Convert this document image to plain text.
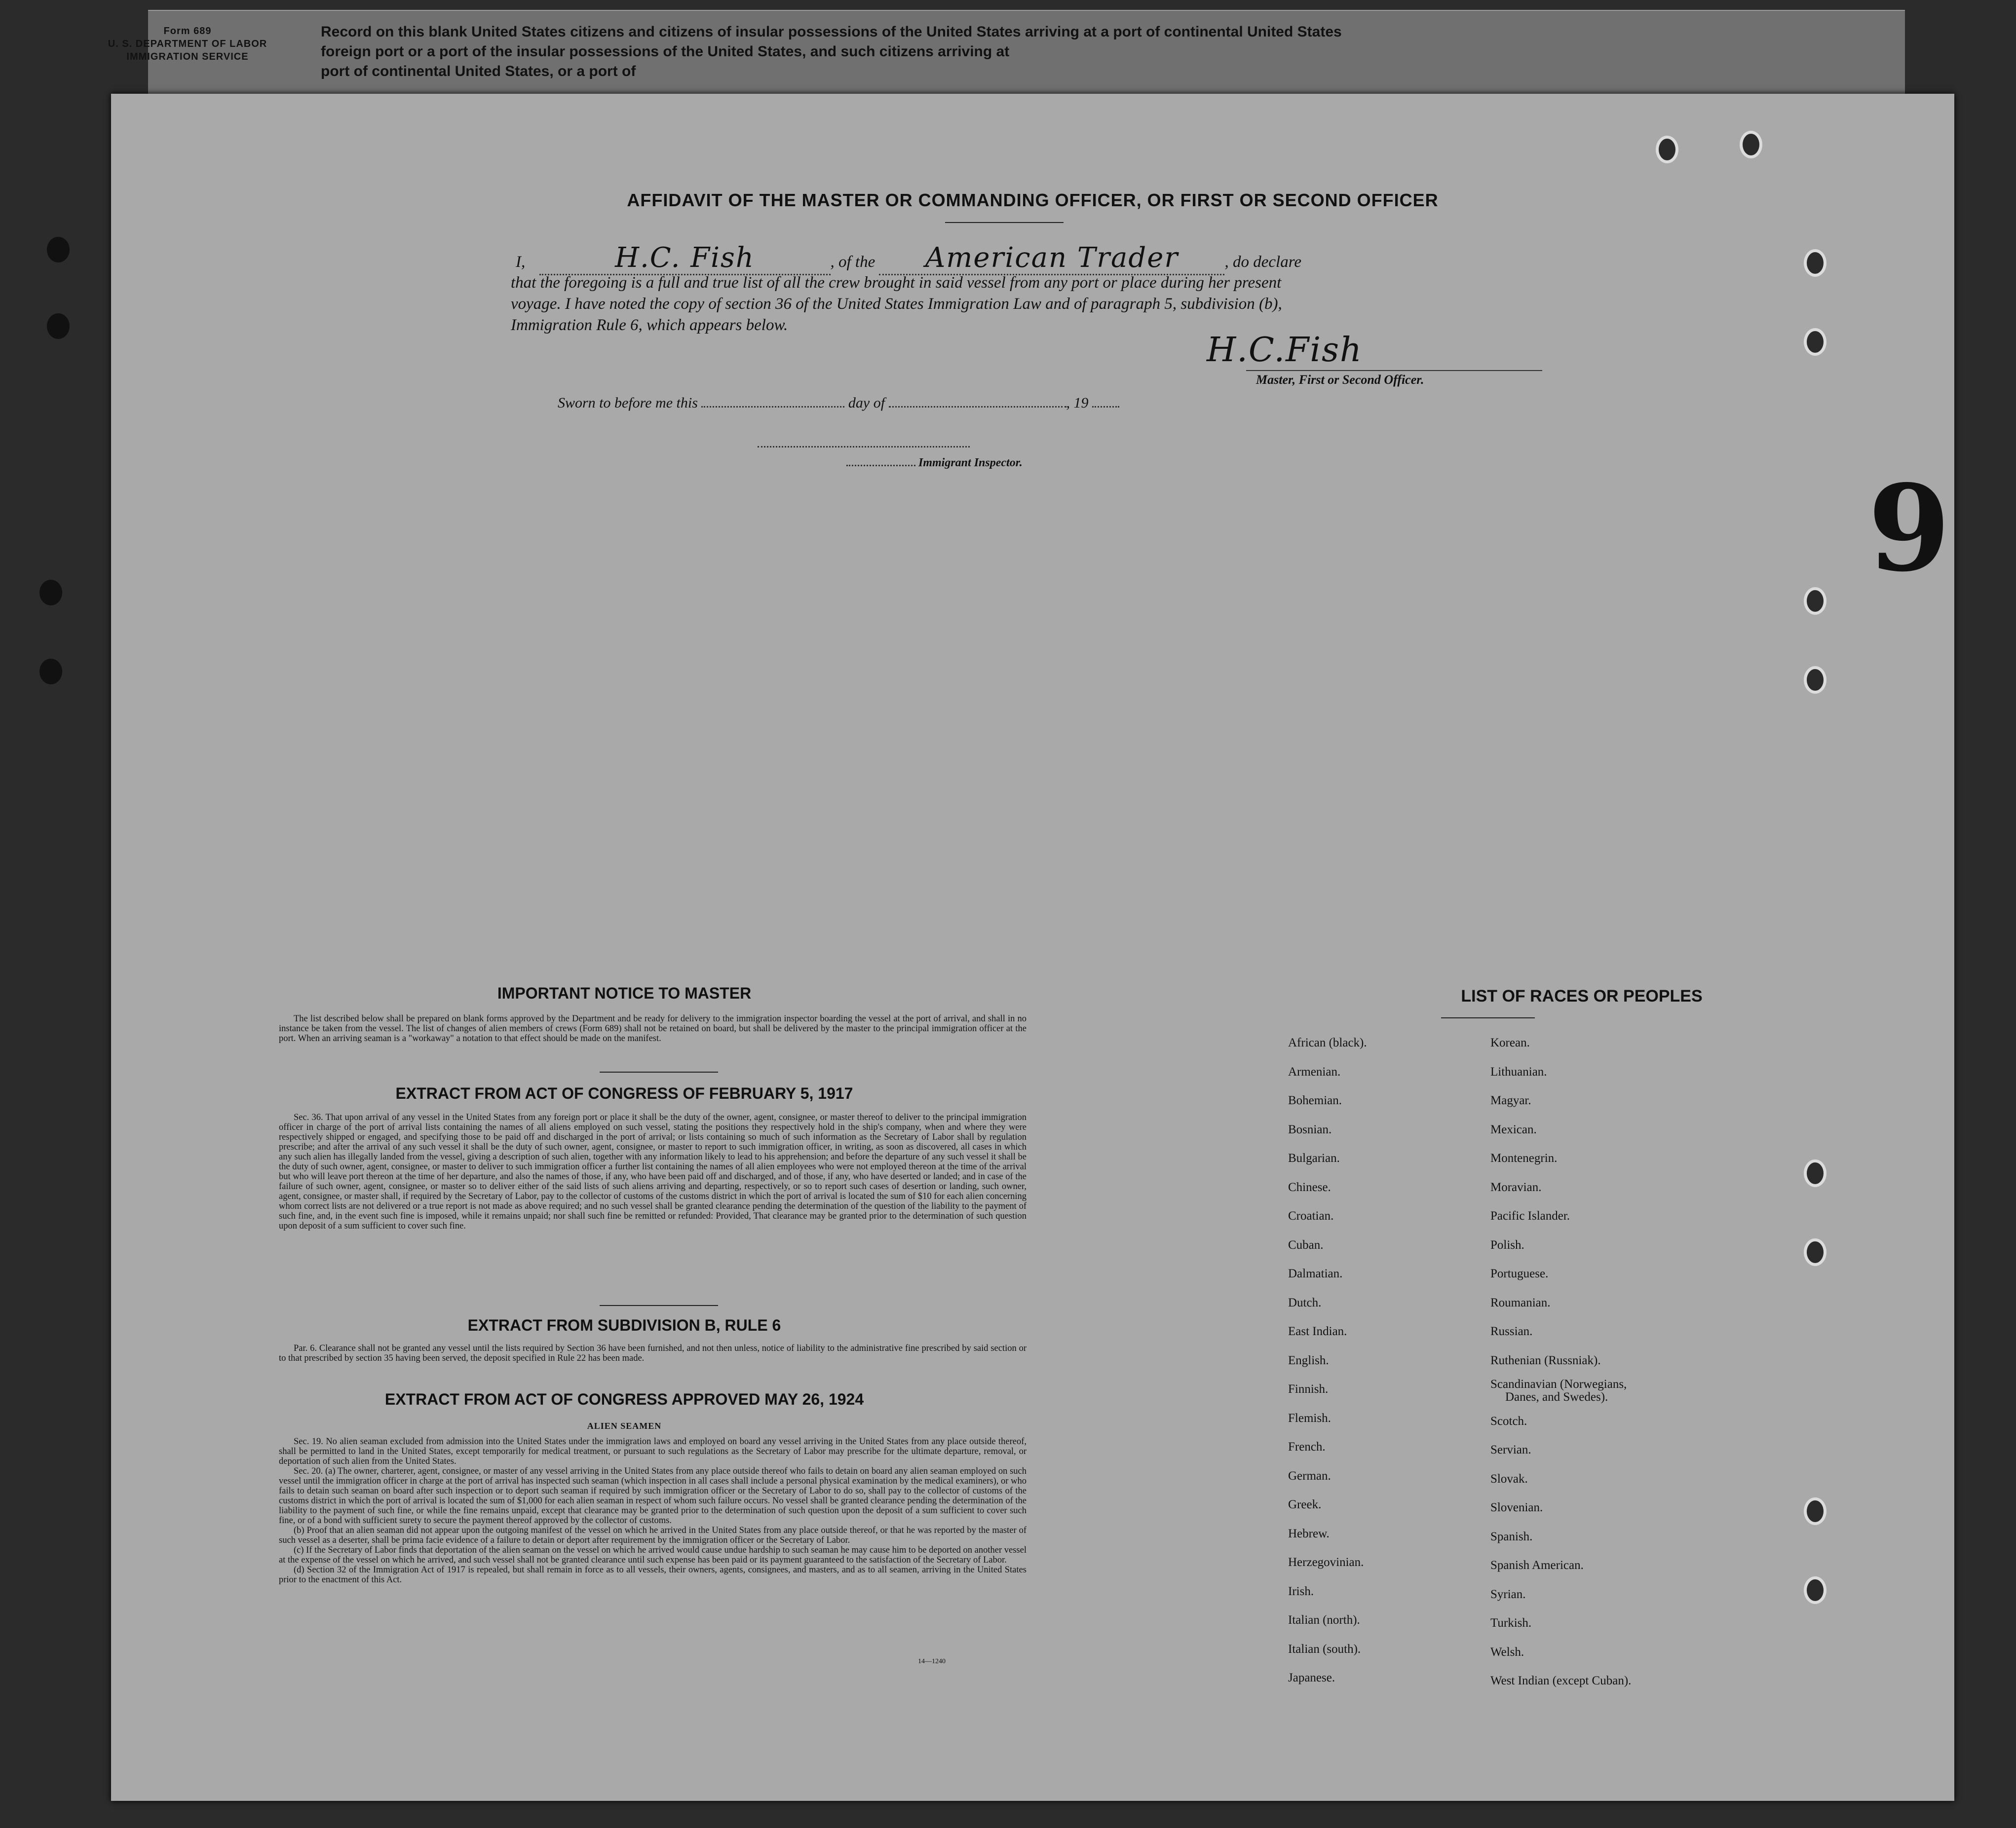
Form 689
U. S. DEPARTMENT OF LABOR
IMMIGRATION SERVICE
Record on this blank United States citizens and citizens of insular possessions of the United States arriving at a port of continental United States
foreign port or a port of the insular possessions of the United States, and such citizens arriving at
port of continental United States, or a port of
9
AFFIDAVIT OF THE MASTER OR COMMANDING OFFICER, OR FIRST OR SECOND OFFICER
I,	H.C. Fish	, of the American Trader	, do declare
that the foregoing is a full and true list of all the crew brought in said vessel from any port or place during her present
voyage. I have noted the copy of section 36 of the United States Immigration Law and of paragraph 5, subdivision (b),
Immigration Rule 6, which appears below.
H.C.Fish
Master, First or Second Officer.
Sworn to before me this	day of	, 19
Immigrant Inspector.
IMPORTANT NOTICE TO MASTER

The list described below shall be prepared on blank forms approved by the Department and be ready for delivery to the immigration inspector boarding the vessel at the port of arrival, and shall in no instance be taken from the vessel. The list of changes of alien members of crews (Form 689) shall not be retained on board, but shall be delivered by the master to the principal immigration officer at the port. When an arriving seaman is a "workaway" a notation to that effect should be made on the manifest.

EXTRACT FROM ACT OF CONGRESS OF FEBRUARY 5, 1917

Sec. 36. That upon arrival of any vessel in the United States from any foreign port or place it shall be the duty of the owner, agent, consignee, or master thereof to deliver to the principal immigration officer in charge of the port of arrival lists containing the names of all aliens employed on such vessel, stating the positions they respectively hold in the ship's company, when and where they were respectively shipped or engaged, and specifying those to be paid off and discharged in the port of arrival; or lists containing so much of such information as the Secretary of Labor shall by regulation prescribe; and after the arrival of any such vessel it shall be the duty of such owner, agent, consignee, or master to report to such immigration officer, in writing, as soon as discovered, all cases in which any such alien has illegally landed from the vessel, giving a description of such alien, together with any information likely to lead to his apprehension; and before the departure of any such vessel it shall be the duty of such owner, agent, consignee, or master to deliver to such immigration officer a further list containing the names of all alien employees who were not employed thereon at the time of the arrival but who will leave port thereon at the time of her departure, and also the names of those, if any, who have been paid off and discharged, and of those, if any, who have deserted or landed; and in case of the failure of such owner, agent, consignee, or master so to deliver either of the said lists of such aliens arriving and departing, respectively, or so to report such cases of desertion or landing, such owner, agent, consignee, or master shall, if required by the Secretary of Labor, pay to the collector of customs of the customs district in which the port of arrival is located the sum of $10 for each alien concerning whom correct lists are not delivered or a true report is not made as above required; and no such vessel shall be granted clearance pending the determination of the question of the liability to the payment of such fine, and, in the event such fine is imposed, while it remains unpaid; nor shall such fine be remitted or refunded: Provided, That clearance may be granted prior to the determination of such question upon deposit of a sum sufficient to cover such fine.

EXTRACT FROM SUBDIVISION B, RULE 6

Par. 6. Clearance shall not be granted any vessel until the lists required by Section 36 have been furnished, and not then unless, notice of liability to the administrative fine prescribed by said section or to that prescribed by section 35 having been served, the deposit specified in Rule 22 has been made.

EXTRACT FROM ACT OF CONGRESS APPROVED MAY 26, 1924
ALIEN SEAMEN

Sec. 19. No alien seaman excluded from admission into the United States under the immigration laws and employed on board any vessel arriving in the United States from any place outside thereof, shall be permitted to land in the United States, except temporarily for medical treatment, or pursuant to such regulations as the Secretary of Labor may prescribe for the ultimate departure, removal, or deportation of such alien from the United States.

Sec. 20. (a) The owner, charterer, agent, consignee, or master of any vessel arriving in the United States from any place outside thereof who fails to detain on board any alien seaman employed on such vessel until the immigration officer in charge at the port of arrival has inspected such seaman (which inspection in all cases shall include a personal physical examination by the medical examiners), or who fails to detain such seaman on board after such inspection or to deport such seaman if required by such immigration officer or the Secretary of Labor to do so, shall pay to the collector of customs of the customs district in which the port of arrival is located the sum of $1,000 for each alien seaman in respect of whom such failure occurs. No vessel shall be granted clearance pending the determination of the liability to the payment of such fine, or while the fine remains unpaid, except that clearance may be granted prior to the determination of such question upon the deposit of a sum sufficient to cover such fine, or of a bond with sufficient surety to secure the payment thereof approved by the collector of customs.

(b) Proof that an alien seaman did not appear upon the outgoing manifest of the vessel on which he arrived in the United States from any place outside thereof, or that he was reported by the master of such vessel as a deserter, shall be prima facie evidence of a failure to detain or deport after requirement by the immigration officer or the Secretary of Labor.

(c) If the Secretary of Labor finds that deportation of the alien seaman on the vessel on which he arrived would cause undue hardship to such seaman he may cause him to be deported on another vessel at the expense of the vessel on which he arrived, and such vessel shall not be granted clearance until such expense has been paid or its payment guaranteed to the satisfaction of the Secretary of Labor.

(d) Section 32 of the Immigration Act of 1917 is repealed, but shall remain in force as to all vessels, their owners, agents, consignees, and masters, and as to all seamen, arriving in the United States prior to the enactment of this Act.

14—1240
LIST OF RACES OR PEOPLES
African (black).
Armenian.
Bohemian.
Bosnian.
Bulgarian.
Chinese.
Croatian.
Cuban.
Dalmatian.
Dutch.
East Indian.
English.
Finnish.
Flemish.
French.
German.
Greek.
Hebrew.
Herzegovinian.
Irish.
Italian (north).
Italian (south).
Japanese.
Korean.
Lithuanian.
Magyar.
Mexican.
Montenegrin.
Moravian.
Pacific Islander.
Polish.
Portuguese.
Roumanian.
Russian.
Ruthenian (Russniak).
Scandinavian (Norwegians,
Danes, and Swedes).
Scotch.
Servian.
Slovak.
Slovenian.
Spanish.
Spanish American.
Syrian.
Turkish.
Welsh.
West Indian (except Cuban).
